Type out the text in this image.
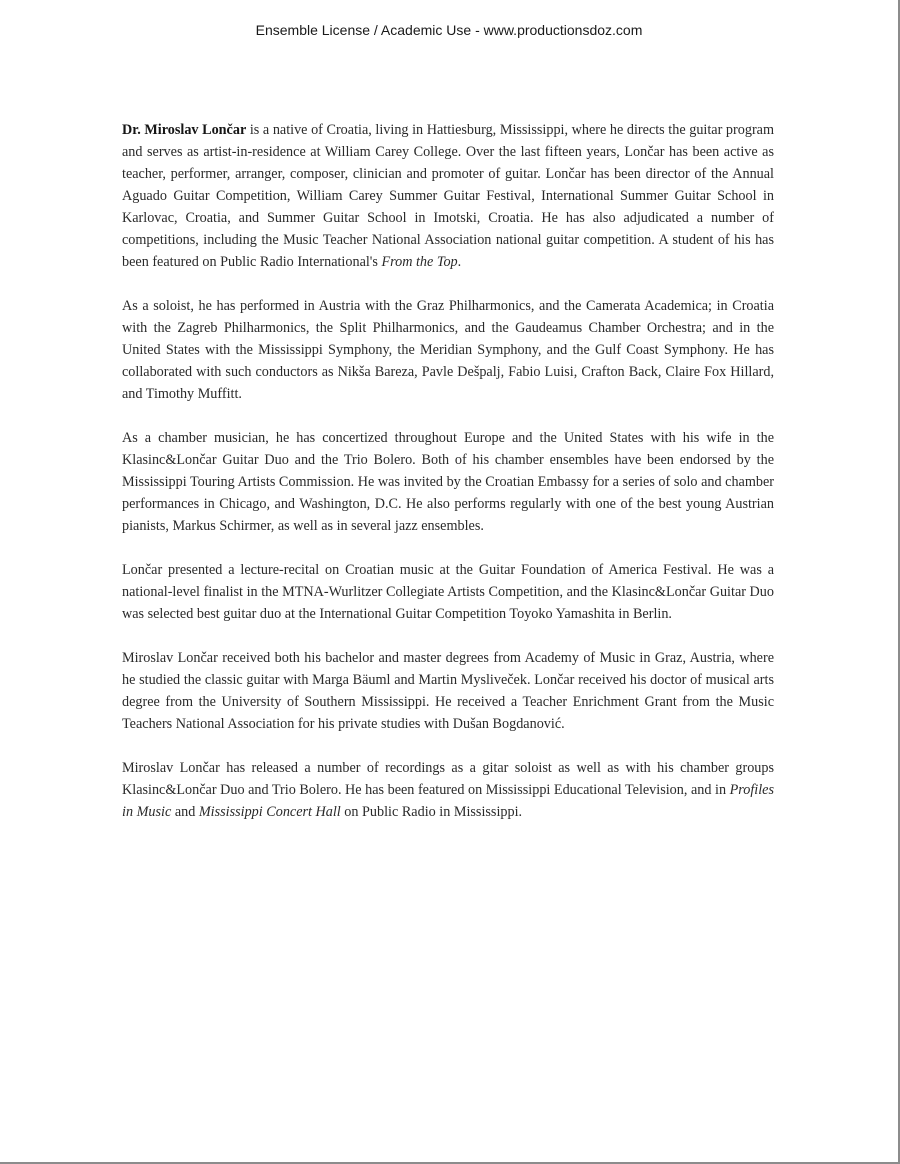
Ensemble License / Academic Use - www.productionsdoz.com

Dr. Miroslav Lončar is a native of Croatia, living in Hattiesburg, Mississippi, where he directs the guitar program and serves as artist-in-residence at William Carey College. Over the last fifteen years, Lončar has been active as teacher, performer, arranger, composer, clinician and promoter of guitar. Lončar has been director of the Annual Aguado Guitar Competition, William Carey Summer Guitar Festival, International Summer Guitar School in Karlovac, Croatia, and Summer Guitar School in Imotski, Croatia. He has also adjudicated a number of competitions, including the Music Teacher National Association national guitar competition. A student of his has been featured on Public Radio International's From the Top.

As a soloist, he has performed in Austria with the Graz Philharmonics, and the Camerata Academica; in Croatia with the Zagreb Philharmonics, the Split Philharmonics, and the Gaudeamus Chamber Orchestra; and in the United States with the Mississippi Symphony, the Meridian Symphony, and the Gulf Coast Symphony. He has collaborated with such conductors as Nikša Bareza, Pavle Dešpalj, Fabio Luisi, Crafton Back, Claire Fox Hillard, and Timothy Muffitt.

As a chamber musician, he has concertized throughout Europe and the United States with his wife in the Klasinc&Lončar Guitar Duo and the Trio Bolero. Both of his chamber ensembles have been endorsed by the Mississippi Touring Artists Commission. He was invited by the Croatian Embassy for a series of solo and chamber performances in Chicago, and Washington, D.C. He also performs regularly with one of the best young Austrian pianists, Markus Schirmer, as well as in several jazz ensembles.

Lončar presented a lecture-recital on Croatian music at the Guitar Foundation of America Festival. He was a national-level finalist in the MTNA-Wurlitzer Collegiate Artists Competition, and the Klasinc&Lončar Guitar Duo was selected best guitar duo at the International Guitar Competition Toyoko Yamashita in Berlin.

Miroslav Lončar received both his bachelor and master degrees from Academy of Music in Graz, Austria, where he studied the classic guitar with Marga Bäuml and Martin Mysliveček. Lončar received his doctor of musical arts degree from the University of Southern Mississippi. He received a Teacher Enrichment Grant from the Music Teachers National Association for his private studies with Dušan Bogdanović.

Miroslav Lončar has released a number of recordings as a gitar soloist as well as with his chamber groups Klasinc&Lončar Duo and Trio Bolero. He has been featured on Mississippi Educational Television, and in Profiles in Music and Mississippi Concert Hall on Public Radio in Mississippi.
